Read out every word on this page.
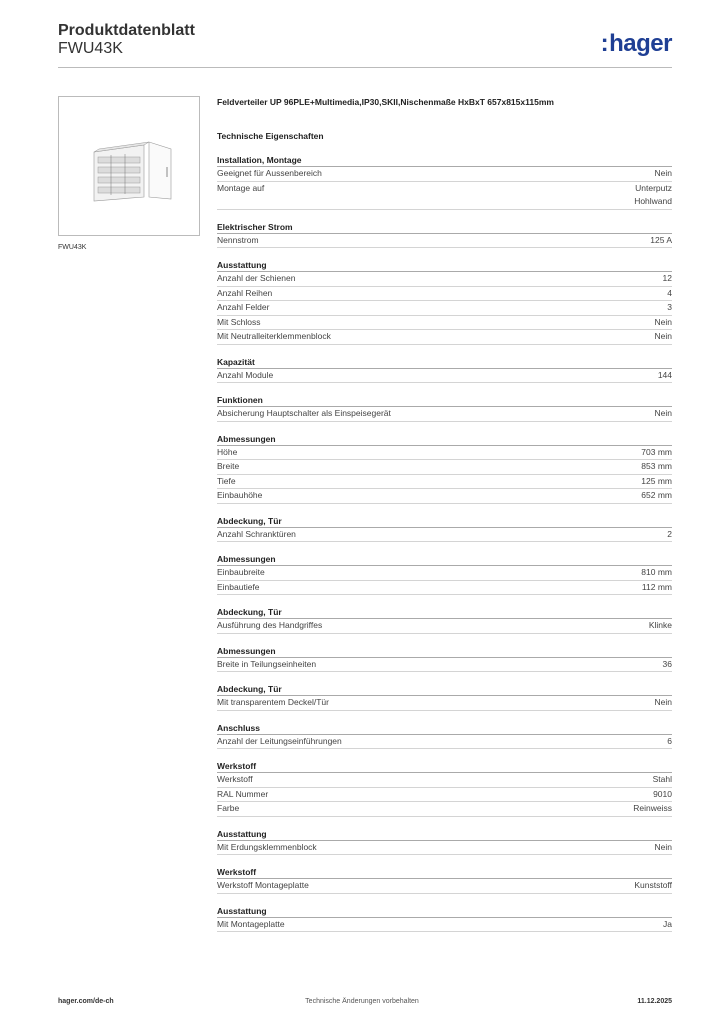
Produktdatenblatt
FWU43K	:hager
FWU43K
Feldverteiler UP 96PLE+Multimedia,IP30,SKII,Nischenmaße HxBxT 657x815x115mm
Technische Eigenschaften
Installation, Montage
Geeignet für Aussenbereich	Nein
Montage auf	Unterputz
Hohlwand
Elektrischer Strom
Nennstrom	125 A
Ausstattung
Anzahl der Schienen	12
Anzahl Reihen	4
Anzahl Felder	3
Mit Schloss	Nein
Mit Neutralleiterklemmenblock	Nein
Kapazität
Anzahl Module	144
Funktionen
Absicherung Hauptschalter als Einspeisegerät	Nein
Abmessungen
Höhe	703 mm
Breite	853 mm
Tiefe	125 mm
Einbauhöhe	652 mm
Abdeckung, Tür
Anzahl Schranktüren	2
Abmessungen
Einbaubreite	810 mm
Einbautiefe	112 mm
Abdeckung, Tür
Ausführung des Handgriffes	Klinke
Abmessungen
Breite in Teilungseinheiten	36
Abdeckung, Tür
Mit transparentem Deckel/Tür	Nein
Anschluss
Anzahl der Leitungseinführungen	6
Werkstoff
Werkstoff	Stahl
RAL Nummer	9010
Farbe	Reinweiss
Ausstattung
Mit Erdungsklemmenblock	Nein
Werkstoff
Werkstoff Montageplatte	Kunststoff
Ausstattung
Mit Montageplatte	Ja
hager.com/de-ch	Technische Änderungen vorbehalten	11.12.2025
